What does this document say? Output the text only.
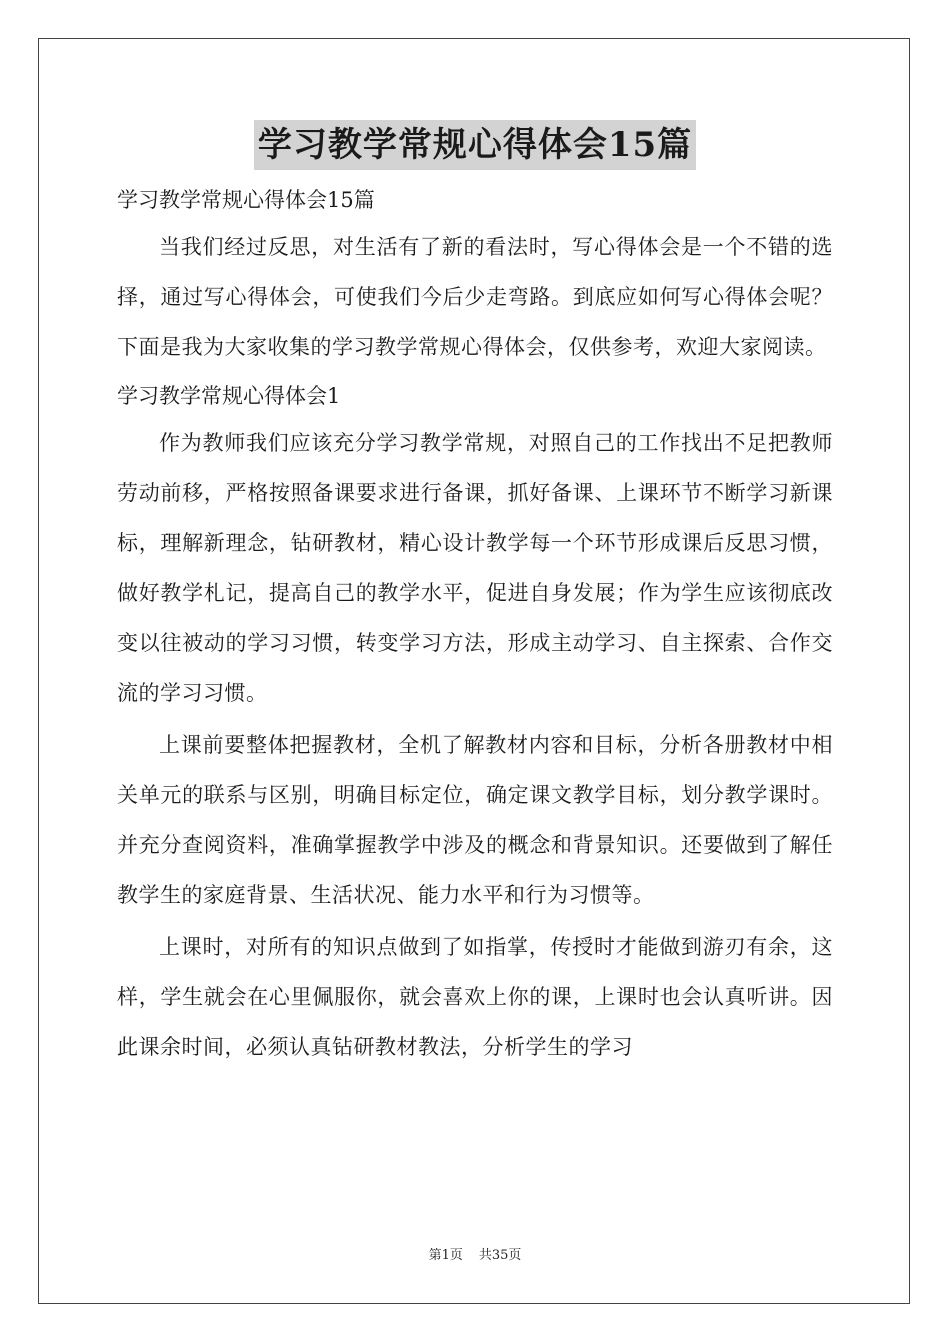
学习教学常规心得体会15篇

学习教学常规心得体会15篇

当我们经过反思，对生活有了新的看法时，写心得体会是一个不错的选择，通过写心得体会，可使我们今后少走弯路。到底应如何写心得体会呢？下面是我为大家收集的学习教学常规心得体会，仅供参考，欢迎大家阅读。

学习教学常规心得体会1

作为教师我们应该充分学习教学常规，对照自己的工作找出不足把教师劳动前移，严格按照备课要求进行备课，抓好备课、上课环节不断学习新课标，理解新理念，钻研教材，精心设计教学每一个环节形成课后反思习惯，做好教学札记，提高自己的教学水平，促进自身发展；作为学生应该彻底改变以往被动的学习习惯，转变学习方法，形成主动学习、自主探索、合作交流的学习习惯。

上课前要整体把握教材，全机了解教材内容和目标，分析各册教材中相关单元的联系与区别，明确目标定位，确定课文教学目标，划分教学课时。并充分查阅资料，准确掌握教学中涉及的概念和背景知识。还要做到了解任教学生的家庭背景、生活状况、能力水平和行为习惯等。

上课时，对所有的知识点做到了如指掌，传授时才能做到游刃有余，这样，学生就会在心里佩服你，就会喜欢上你的课，上课时也会认真听讲。因此课余时间，必须认真钻研教材教法，分析学生的学习

第1页 共35页
